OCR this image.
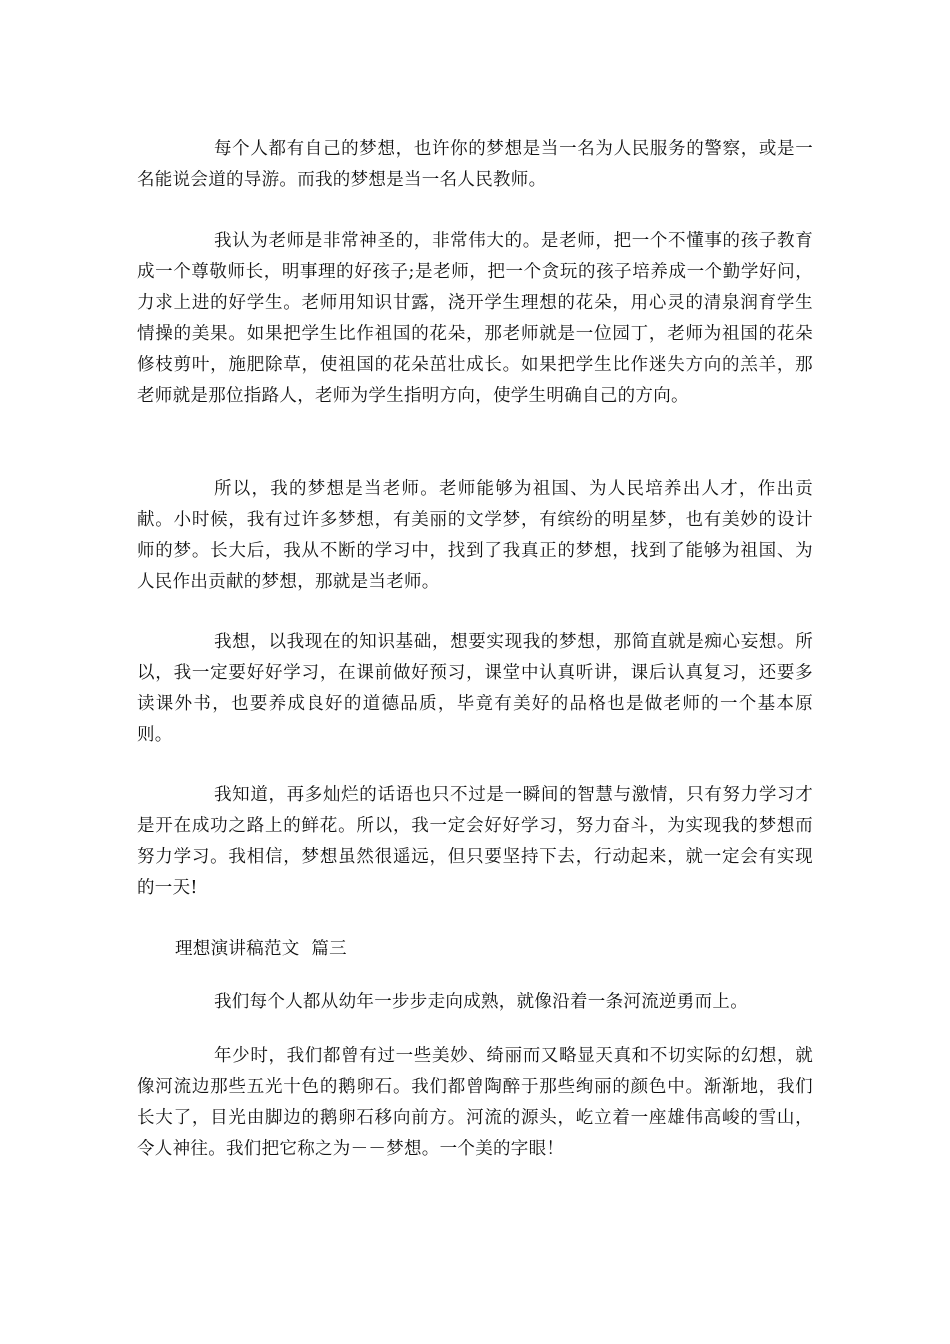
每个人都有自己的梦想，也许你的梦想是当一名为人民服务的警察，或是一名能说会道的导游。而我的梦想是当一名人民教师。

我认为老师是非常神圣的，非常伟大的。是老师，把一个不懂事的孩子教育成一个尊敬师长，明事理的好孩子;是老师，把一个贪玩的孩子培养成一个勤学好问，力求上进的好学生。老师用知识甘露，浇开学生理想的花朵，用心灵的清泉润育学生情操的美果。如果把学生比作祖国的花朵，那老师就是一位园丁，老师为祖国的花朵修枝剪叶，施肥除草，使祖国的花朵茁壮成长。如果把学生比作迷失方向的羔羊，那老师就是那位指路人，老师为学生指明方向，使学生明确自己的方向。

所以，我的梦想是当老师。老师能够为祖国、为人民培养出人才，作出贡献。小时候，我有过许多梦想，有美丽的文学梦，有缤纷的明星梦，也有美妙的设计师的梦。长大后，我从不断的学习中，找到了我真正的梦想，找到了能够为祖国、为人民作出贡献的梦想，那就是当老师。

我想，以我现在的知识基础，想要实现我的梦想，那简直就是痴心妄想。所以，我一定要好好学习，在课前做好预习，课堂中认真听讲，课后认真复习，还要多读课外书，也要养成良好的道德品质，毕竟有美好的品格也是做老师的一个基本原则。

我知道，再多灿烂的话语也只不过是一瞬间的智慧与激情，只有努力学习才是开在成功之路上的鲜花。所以，我一定会好好学习，努力奋斗，为实现我的梦想而努力学习。我相信，梦想虽然很遥远，但只要坚持下去，行动起来，就一定会有实现的一天!

理想演讲稿范文  篇三

我们每个人都从幼年一步步走向成熟，就像沿着一条河流逆勇而上。

年少时，我们都曾有过一些美妙、绮丽而又略显天真和不切实际的幻想，就像河流边那些五光十色的鹅卵石。我们都曾陶醉于那些绚丽的颜色中。渐渐地，我们长大了，目光由脚边的鹅卵石移向前方。河流的源头，屹立着一座雄伟高峻的雪山，令人神往。我们把它称之为－－梦想。一个美的字眼！
